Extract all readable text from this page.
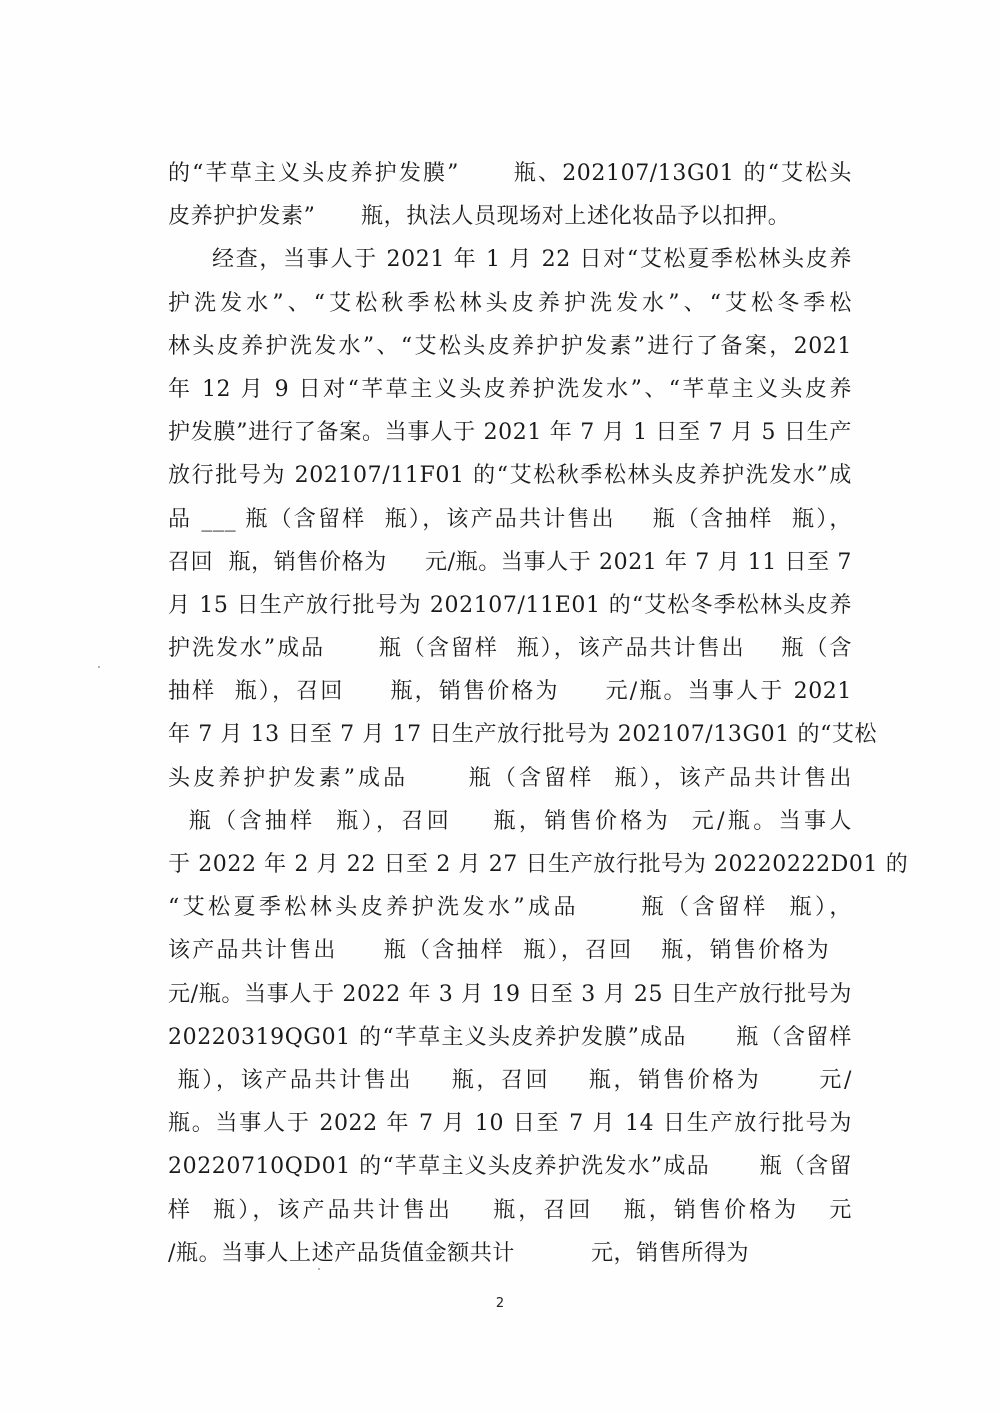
的“芊草主义头皮养护发膜”      瓶、202107/13G01 的“艾松头
皮养护护发素”      瓶，执法人员现场对上述化妆品予以扣押。
经查，当事人于 2021 年 1 月 22 日对“艾松夏季松林头皮养
护洗发水”、“艾松秋季松林头皮养护洗发水”、“艾松冬季松
林头皮养护洗发水”、“艾松头皮养护护发素”进行了备案，2021
年 12 月 9 日对“芊草主义头皮养护洗发水”、“芊草主义头皮养
护发膜”进行了备案。当事人于 2021 年 7 月 1 日至 7 月 5 日生产
放行批号为 202107/11F01 的“艾松秋季松林头皮养护洗发水”成
品 ___ 瓶（含留样  瓶），该产品共计售出    瓶（含抽样  瓶），
召回  瓶，销售价格为     元/瓶。当事人于 2021 年 7 月 11 日至 7
月 15 日生产放行批号为 202107/11E01 的“艾松冬季松林头皮养
护洗发水”成品      瓶（含留样  瓶），该产品共计售出    瓶（含
抽样  瓶），召回     瓶，销售价格为     元/瓶。当事人于 2021
年 7 月 13 日至 7 月 17 日生产放行批号为 202107/13G01 的“艾松
头皮养护护发素”成品      瓶（含留样  瓶），该产品共计售出
瓶（含抽样  瓶），召回    瓶，销售价格为  元/瓶。当事人
于 2022 年 2 月 22 日至 2 月 27 日生产放行批号为 20220222D01 的
“艾松夏季松林头皮养护洗发水”成品      瓶（含留样  瓶），
该产品共计售出     瓶（含抽样  瓶），召回   瓶，销售价格为
元/瓶。当事人于 2022 年 3 月 19 日至 3 月 25 日生产放行批号为
20220319QG01 的“芊草主义头皮养护发膜”成品      瓶（含留样
瓶），该产品共计售出    瓶，召回    瓶，销售价格为      元/
瓶。当事人于 2022 年 7 月 10 日至 7 月 14 日生产放行批号为
20220710QD01 的“芊草主义头皮养护洗发水”成品      瓶（含留
样  瓶），该产品共计售出    瓶，召回   瓶，销售价格为   元
/瓶。当事人上述产品货值金额共计          元，销售所得为
2
